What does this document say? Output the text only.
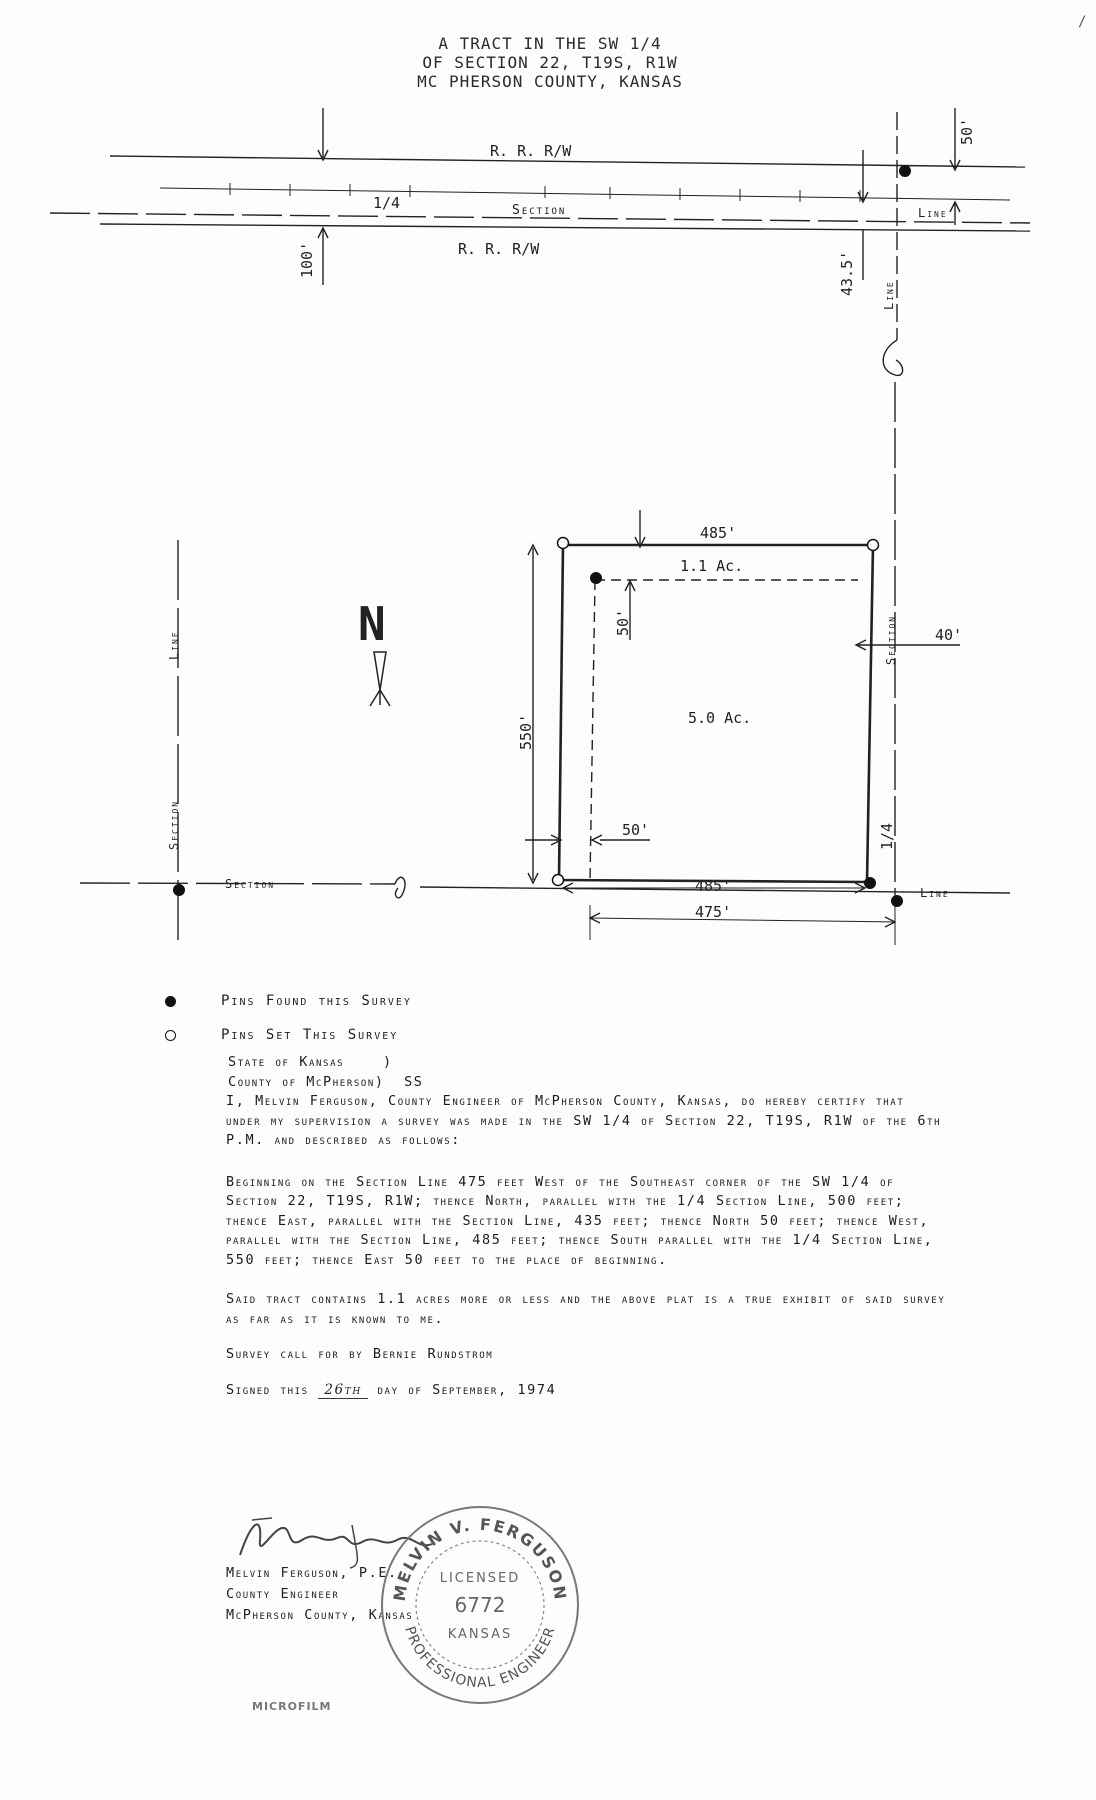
/
A TRACT IN THE SW 1/4
OF SECTION 22, T19S, R1W
MC PHERSON COUNTY, KANSAS
R. R. R/W
1/4	Section	Line
R. R. R/W
50'
100'	43.5' Line
N
Line
Section
485'
1.1 Ac.
50'
550'	5.0 Ac.
Section 40'
50'	1/4
Section	485'
475'
Line
Pins Found this Survey
Pins Set This Survey
State of Kansas    )
County of McPherson)  SS

I, Melvin Ferguson, County Engineer of McPherson County, Kansas, do hereby certify that under my supervision a survey was made in the SW 1/4 of Section 22, T19S, R1W of the 6th P.M. and described as follows:

Beginning on the Section Line 475 feet West of the Southeast corner of the SW 1/4 of Section 22, T19S, R1W; thence North, parallel with the 1/4 Section Line, 500 feet; thence East, parallel with the Section Line, 435 feet; thence North 50 feet; thence West, parallel with the Section Line, 485 feet; thence South parallel with the 1/4 Section Line, 550 feet; thence East 50 feet to the place of beginning.

Said tract contains 1.1 acres more or less and the above plat is a true exhibit of said survey as far as it is known to me.

Survey call for by Bernie Rundstrom

Signed this 26th day of September, 1974

Melvin Ferguson, P.E.
County Engineer
McPherson County, Kansas
MELVIN V. FERGUSON
PROFESSIONAL ENGINEER
LICENSED
6772
KANSAS
MICROFILM
